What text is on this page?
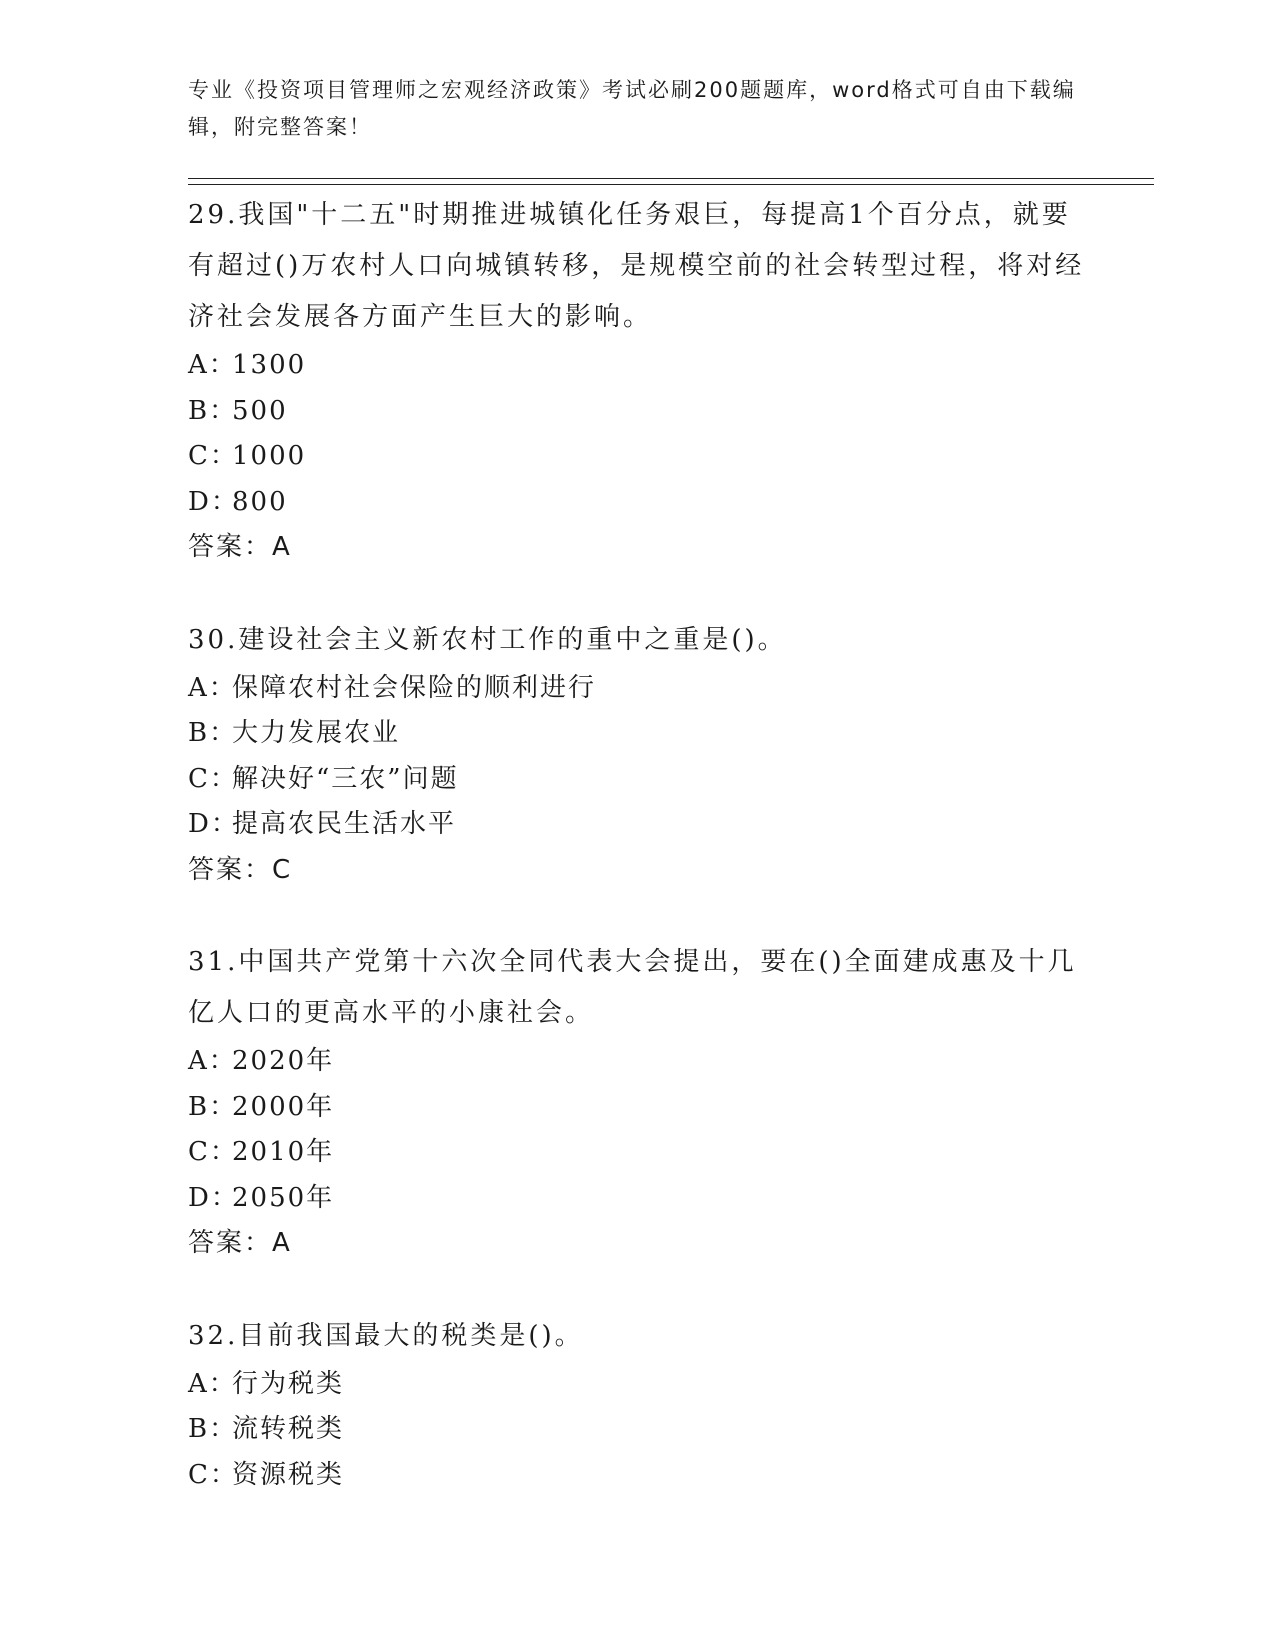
专业《投资项目管理师之宏观经济政策》考试必刷200题题库，word格式可自由下载编辑，附完整答案！

29.我国"十二五"时期推进城镇化任务艰巨，每提高1个百分点，就要有超过()万农村人口向城镇转移，是规模空前的社会转型过程，将对经济社会发展各方面产生巨大的影响。

A：1300

B：500

C：1000

D：800

答案：A

30.建设社会主义新农村工作的重中之重是()。

A：保障农村社会保险的顺利进行

B：大力发展农业

C：解决好“三农”问题

D：提高农民生活水平

答案：C

31.中国共产党第十六次全同代表大会提出，要在()全面建成惠及十几亿人口的更高水平的小康社会。

A：2020年

B：2000年

C：2010年

D：2050年

答案：A

32.目前我国最大的税类是()。

A：行为税类

B：流转税类

C：资源税类
